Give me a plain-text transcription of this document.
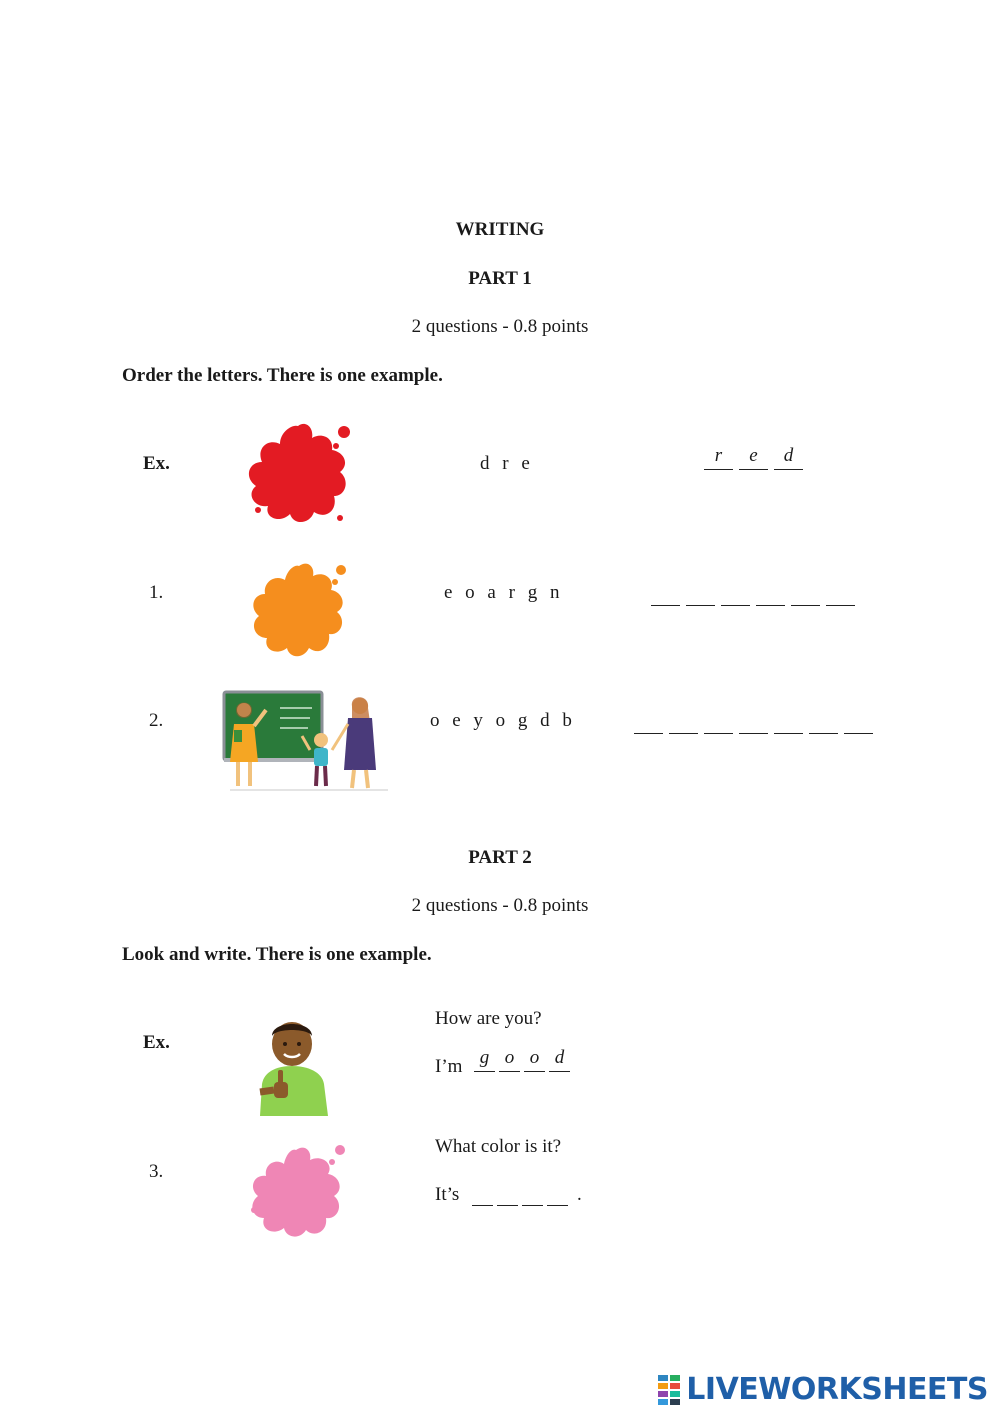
WRITING
PART 1
2 questions - 0.8 points
Order the letters. There is one example.
Ex.	d r e	r	e	d
1.	e o a r g n
2.	o e y o g d b
PART 2
2 questions - 0.8 points
Look and write. There is one example.
Ex.
How are you?
I’m g o o d
3.
What color is it?
It’s	.
LIVEWORKSHEETS
